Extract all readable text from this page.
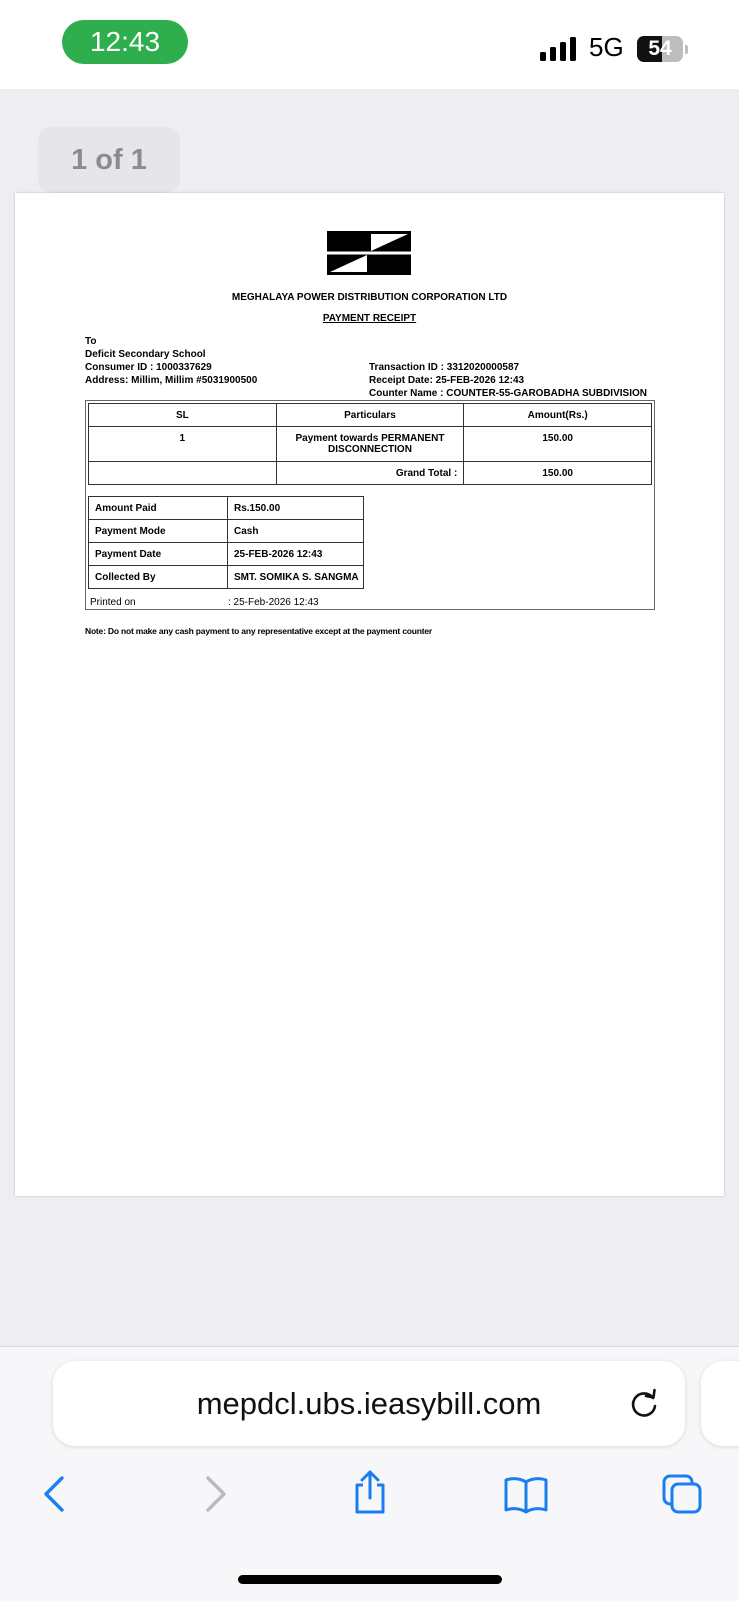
12:43	5G	54
1 of 1
MEGHALAYA POWER DISTRIBUTION CORPORATION LTD
PAYMENT RECEIPT
To
Deficit Secondary School
Consumer ID : 1000337629
Address: Millim, Millim #5031900500
Transaction ID : 3312020000587
Receipt Date: 25-FEB-2026 12:43
Counter Name : COUNTER-55-GAROBADHA SUBDIVISION
SL	Particulars	Amount(Rs.)
1	Payment towards PERMANENT DISCONNECTION	150.00
	Grand Total :	150.00
Amount Paid	Rs.150.00
Payment Mode	Cash
Payment Date	25-FEB-2026 12:43
Collected By	SMT. SOMIKA S. SANGMA
Printed on	: 25-Feb-2026 12:43
Note: Do not make any cash payment to any representative except at the payment counter
mepdcl.ubs.ieasybill.com
